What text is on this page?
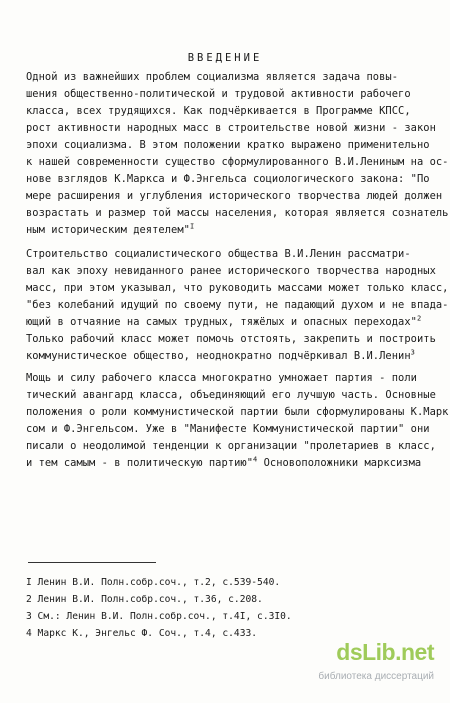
ВВЕДЕНИЕ
Одной из важнейших проблем социализма является задача повы-
шения общественно-политической и трудовой активности рабочего
класса, всех трудящихся. Как подчёркивается в Программе КПСС,
рост активности народных масс в строительстве новой жизни - закон
эпохи социализма. В этом положении кратко выражено применительно
к нашей современности существо сформулированного В.И.Лениным на ос-
нове взглядов К.Маркса и Ф.Энгельса социологического закона: "По
мере расширения и углубления исторического творчества людей должен
возрастать и размер той массы населения, которая является сознатель
ным историческим деятелем"$^I$
Строительство социалистического общества В.И.Ленин рассматри-
вал как эпоху невиданного ранее исторического творчества народных
масс, при этом указывал, что руководить массами может только класс,
"без колебаний идущий по своему пути, не падающий духом и не впада-
ющий в отчаяние на самых трудных, тяжёлых и опасных переходах"$^2$
Только рабочий класс может помочь отстоять, закрепить и построить
коммунистическое общество, неоднократно подчёркивал В.И.Ленин$^3$
Мощь и силу рабочего класса многократно умножает партия - поли
тический авангард класса, объединяющий его лучшую часть. Основные
положения о роли коммунистической партии были сформулированы К.Марк
сом и Ф.Энгельсом. Уже в "Манифесте Коммунистической партии" они
писали о неодолимой тенденции к организации "пролетариев в класс,
и тем самым - в политическую партию"$^4$ Основоположники марксизма
I Ленин В.И. Полн.собр.соч., т.2, с.539-540.
2 Ленин В.И. Полн.собр.соч., т.36, с.208.
3 См.: Ленин В.И. Полн.собр.соч., т.4I, с.3I0.
4 Маркс К., Энгельс Ф. Соч., т.4, с.433.
dsLib.net
библиотека диссертаций
